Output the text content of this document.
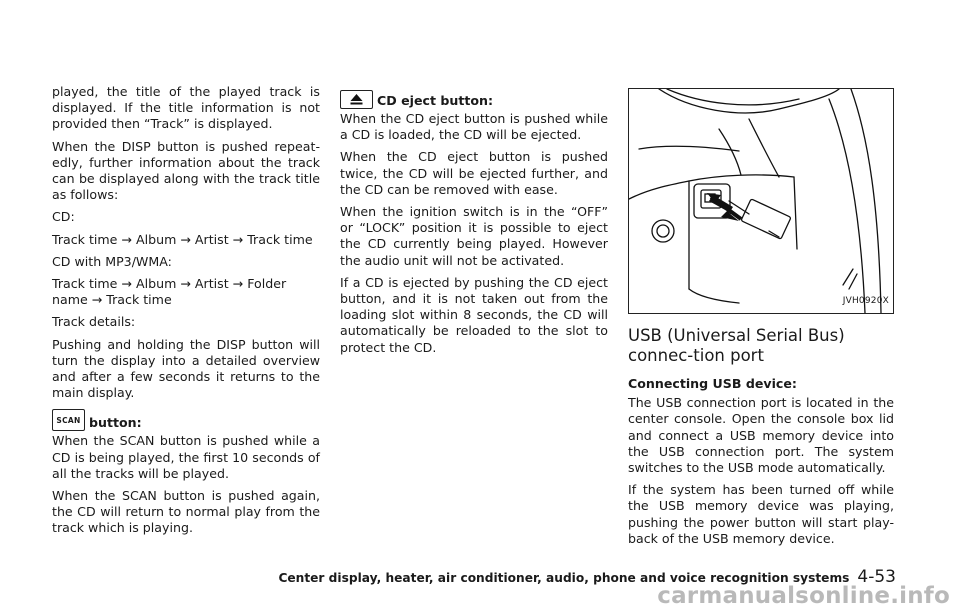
played, the title of the played track is displayed. If the title information is not provided then “Track” is displayed.

When the DISP button is pushed repeat-edly, further information about the track can be displayed along with the track title as follows:

CD:

Track time → Album → Artist → Track time

CD with MP3/WMA:

Track time → Album → Artist → Folder name → Track time

Track details:

Pushing and holding the DISP button will turn the display into a detailed overview and after a few seconds it returns to the main display.

SCAN button:

When the SCAN button is pushed while a CD is being played, the first 10 seconds of all the tracks will be played.

When the SCAN button is pushed again, the CD will return to normal play from the track which is playing.

CD eject button:

When the CD eject button is pushed while a CD is loaded, the CD will be ejected.

When the CD eject button is pushed twice, the CD will be ejected further, and the CD can be removed with ease.

When the ignition switch is in the “OFF” or “LOCK” position it is possible to eject the CD currently being played. However the audio unit will not be activated.

If a CD is ejected by pushing the CD eject button, and it is not taken out from the loading slot within 8 seconds, the CD will automatically be reloaded to the slot to protect the CD.

JVH0920X
USB (Universal Serial Bus) connec-tion port

Connecting USB device:

The USB connection port is located in the center console. Open the console box lid and connect a USB memory device into the USB connection port. The system switches to the USB mode automatically.

If the system has been turned off while the USB memory device was playing, pushing the power button will start play-back of the USB memory device.

Center display, heater, air conditioner, audio, phone and voice recognition systems 4-53
carmanualsonline.info
